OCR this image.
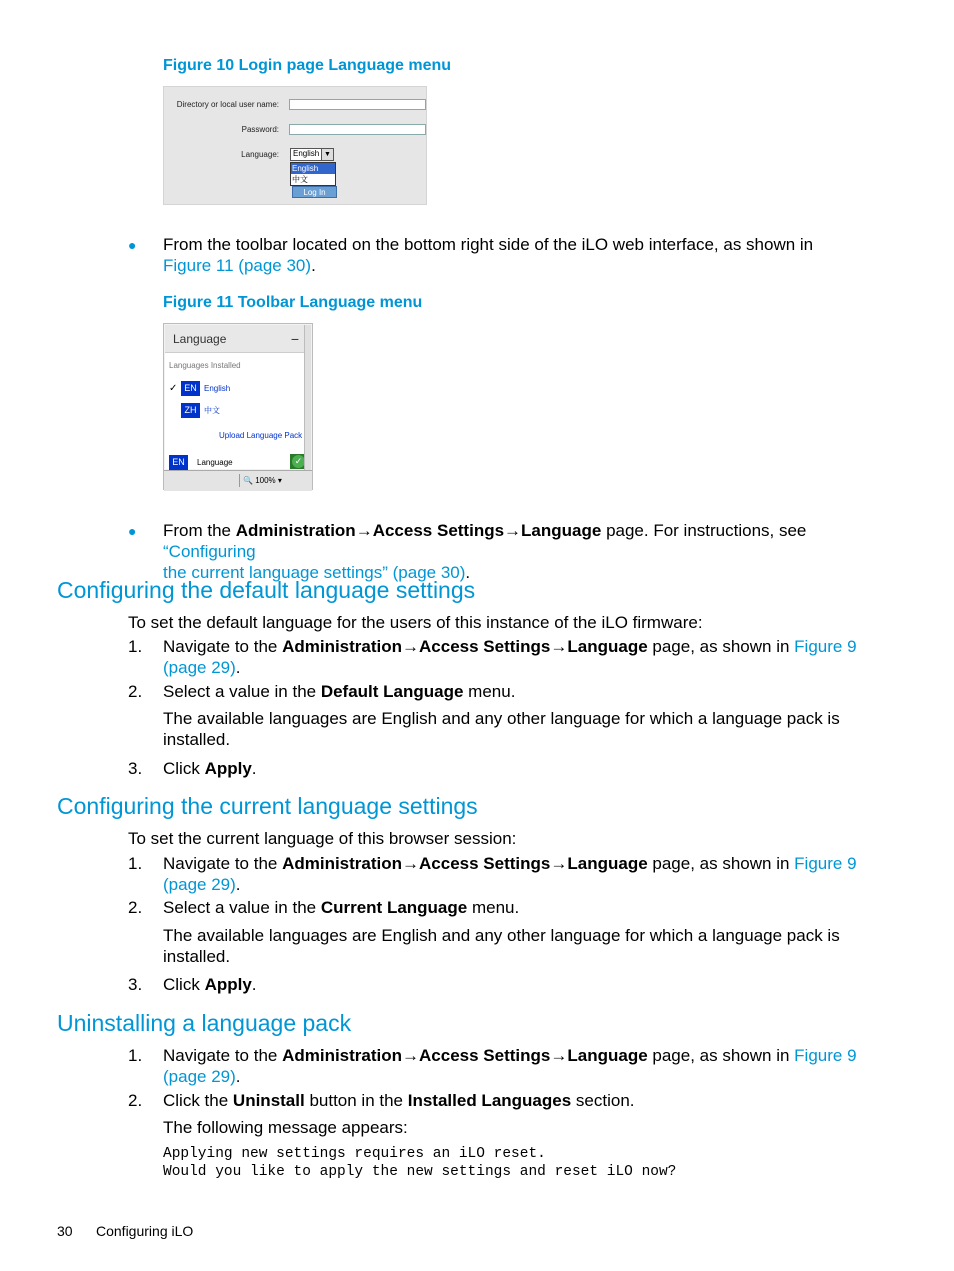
Figure 10 Login page Language menu
Directory or local user name:
Password:
Language:	English ▼
English
中文
Log In
● From the toolbar located on the bottom right side of the iLO web interface, as shown in
Figure 11 (page 30).
Figure 11 Toolbar Language menu
Language	−
Languages Installed
✓ EN English
ZH 中文
Upload Language Pack
EN	Language	✓
🔍 100% ▾
● From the Administration→Access Settings→Language page. For instructions, see “Configuring
the current language settings” (page 30).
Configuring the default language settings
To set the default language for the users of this instance of the iLO firmware:
1. Navigate to the Administration→Access Settings→Language page, as shown in Figure 9
(page 29).
2. Select a value in the Default Language menu.
The available languages are English and any other language for which a language pack is
installed.
3. Click Apply.
Configuring the current language settings
To set the current language of this browser session:
1. Navigate to the Administration→Access Settings→Language page, as shown in Figure 9
(page 29).
2. Select a value in the Current Language menu.
The available languages are English and any other language for which a language pack is
installed.
3. Click Apply.
Uninstalling a language pack
1. Navigate to the Administration→Access Settings→Language page, as shown in Figure 9
(page 29).
2. Click the Uninstall button in the Installed Languages section.
The following message appears:
Applying new settings requires an iLO reset.
Would you like to apply the new settings and reset iLO now?
30 Configuring iLO
